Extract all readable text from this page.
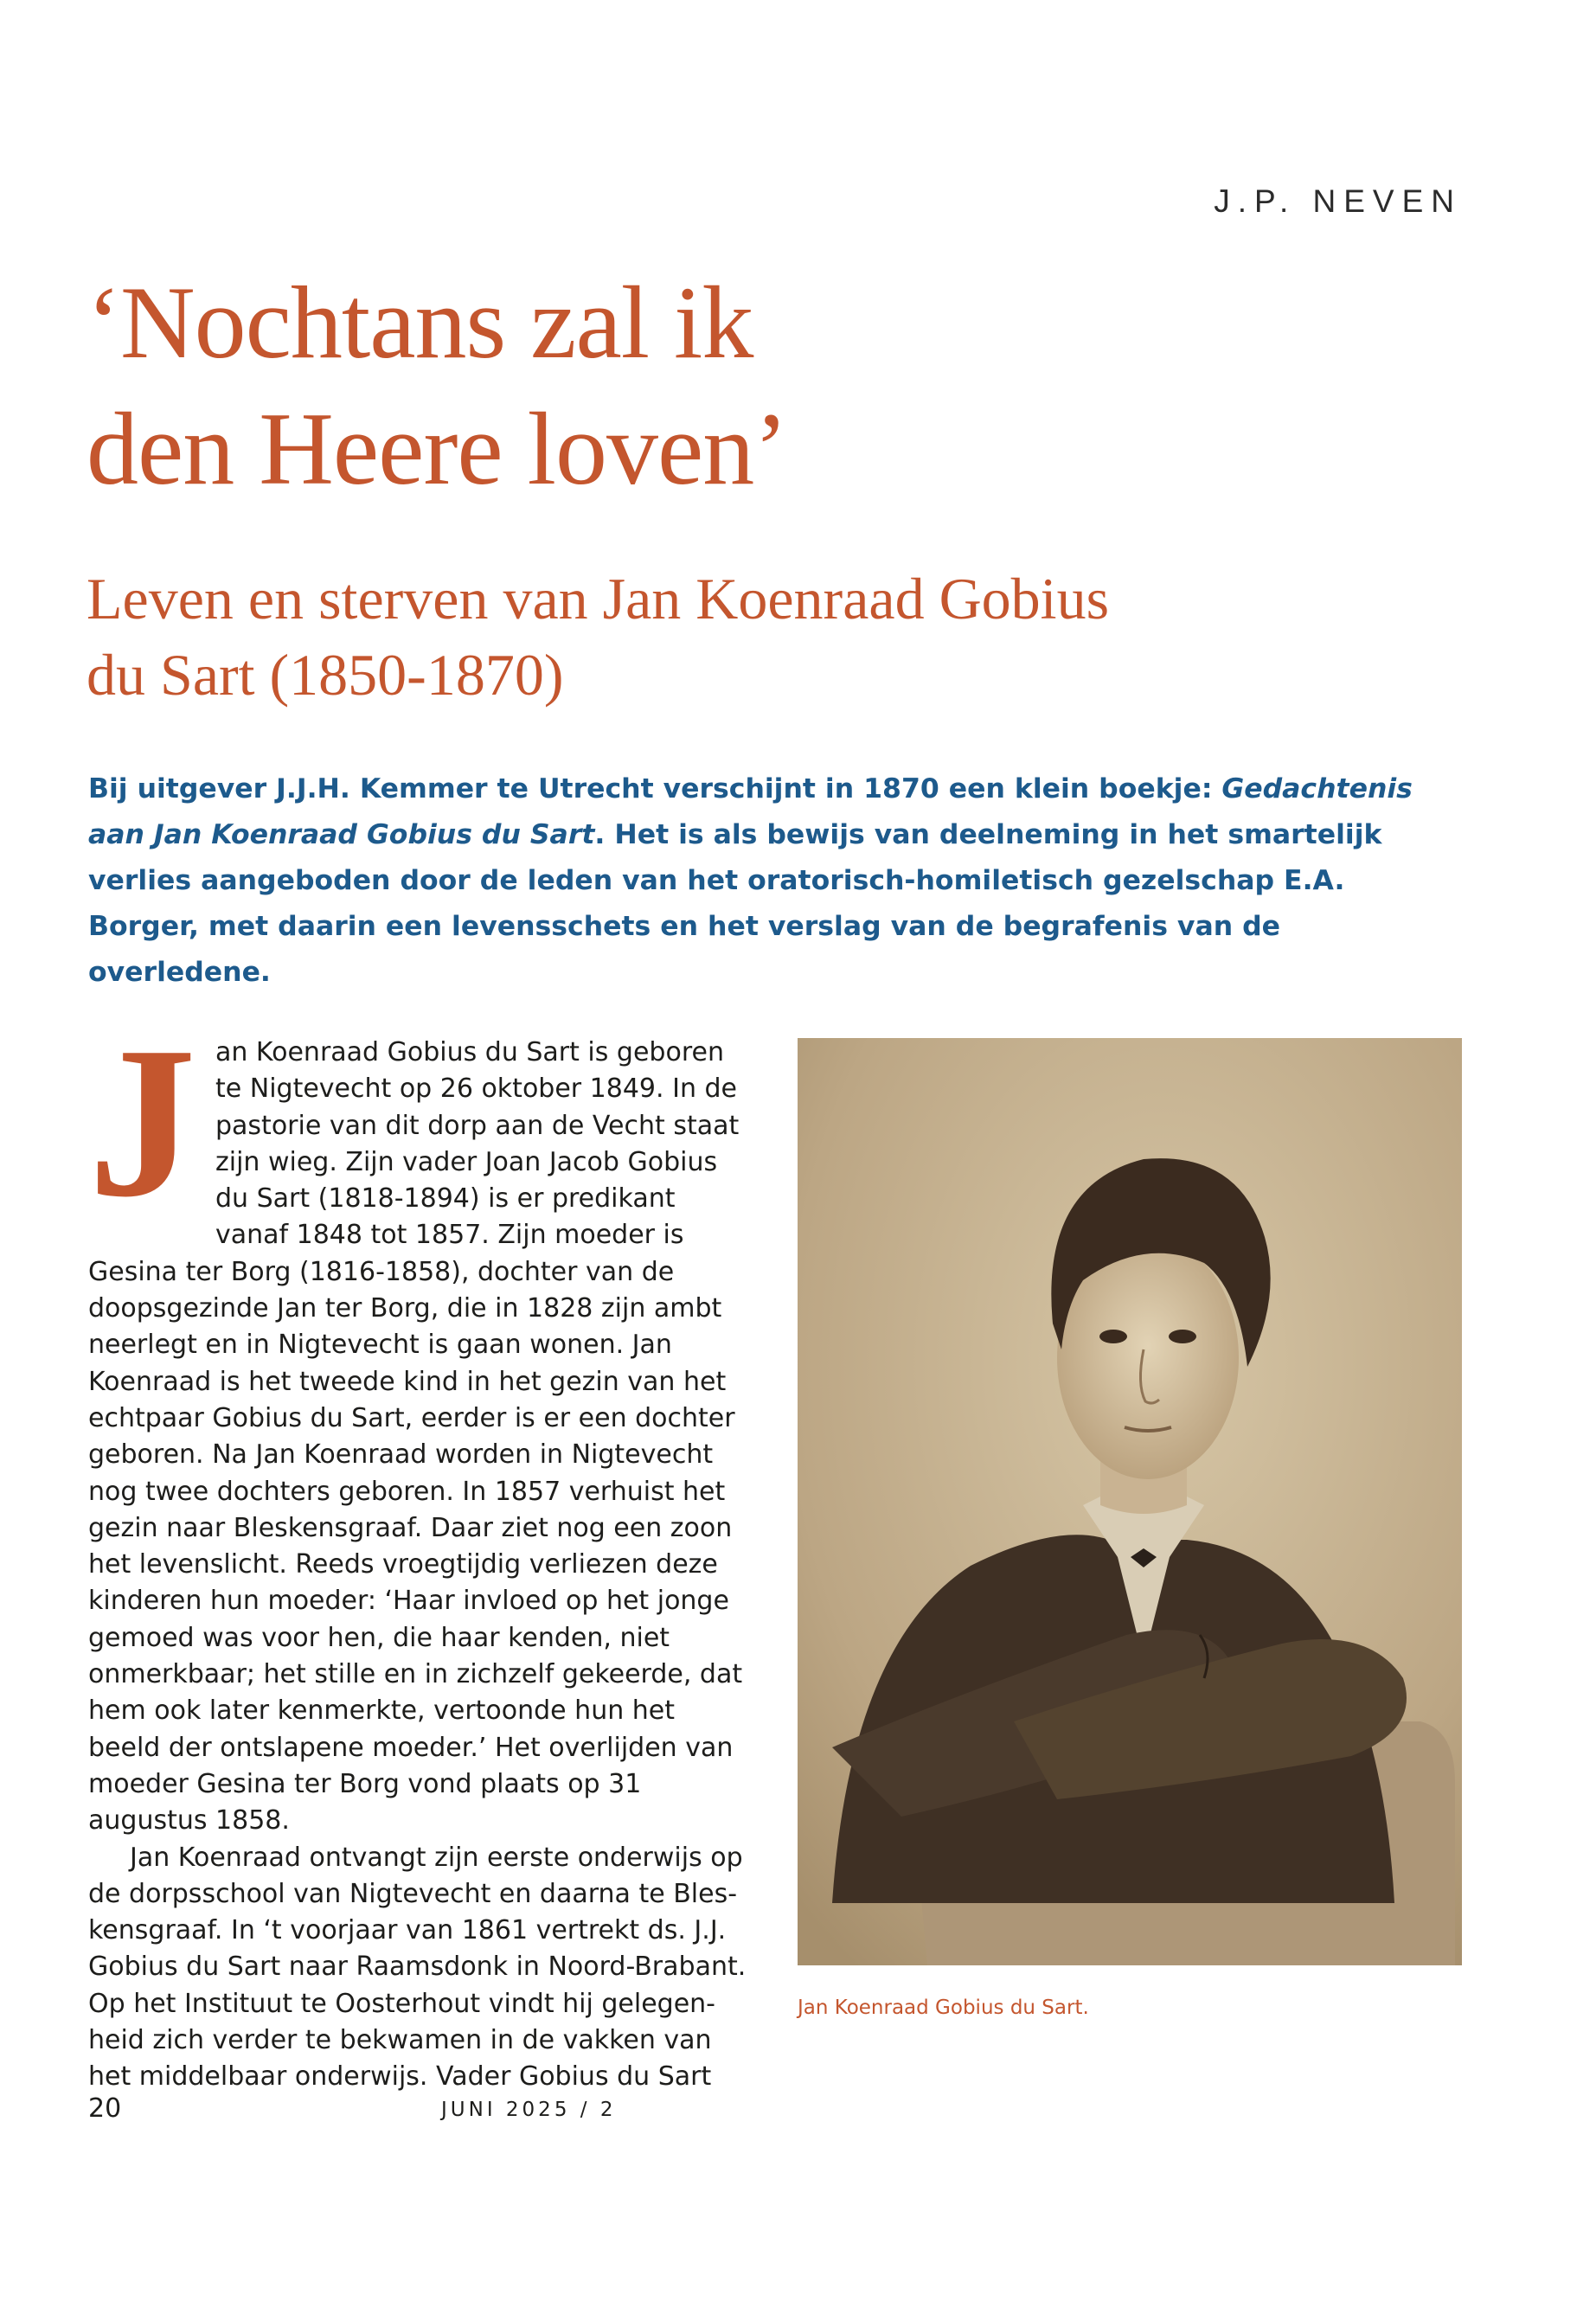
J.P. NEVEN
‘Nochtans zal ik
den Heere loven’
Leven en sterven van Jan Koenraad Gobius
du Sart (1850-1870)
Bij uitgever J.J.H. Kemmer te Utrecht verschijnt in 1870 een klein boekje: Gedachtenis aan Jan Koenraad Gobius du Sart. Het is als bewijs van deelneming in het smartelijk verlies aangeboden door de leden van het oratorisch-homiletisch gezelschap E.A. Borger, met daarin een levensschets en het verslag van de begrafenis van de overledene.

Jan Koenraad Gobius du Sart is geboren te Nigtevecht op 26 oktober 1849. In de pastorie van dit dorp aan de Vecht staat zijn wieg. Zijn vader Joan Jacob Gobius du Sart (1818-1894) is er predikant vanaf 1848 tot 1857. Zijn moeder is Gesina ter Borg (1816-1858), dochter van de doopsgezinde Jan ter Borg, die in 1828 zijn ambt neerlegt en in Nigtevecht is gaan wonen. Jan Koenraad is het tweede kind in het gezin van het echtpaar Gobius du Sart, eerder is er een dochter geboren. Na Jan Koenraad worden in Nigtevecht nog twee dochters geboren. In 1857 verhuist het gezin naar Bleskensgraaf. Daar ziet nog een zoon het levenslicht. Reeds vroegtijdig verliezen deze kinderen hun moeder: ‘Haar invloed op het jonge gemoed was voor hen, die haar kenden, niet onmerkbaar; het stille en in zichzelf gekeerde, dat hem ook later kenmerkte, vertoonde hun het beeld der ontslapene moeder.’ Het overlijden van moeder Gesina ter Borg vond plaats op 31 augustus 1858.

Jan Koenraad ontvangt zijn eerste onderwijs op de dorpsschool van Nigtevecht en daarna te Bleskensgraaf. In ‘t voorjaar van 1861 vertrekt ds. J.J. Gobius du Sart naar Raamsdonk in Noord-Brabant. Op het Instituut te Oosterhout vindt hij gelegenheid zich verder te bekwamen in de vakken van het middelbaar onderwijs. Vader Gobius du Sart

Jan Koenraad Gobius du Sart.
20	JUNI 2025 / 2
